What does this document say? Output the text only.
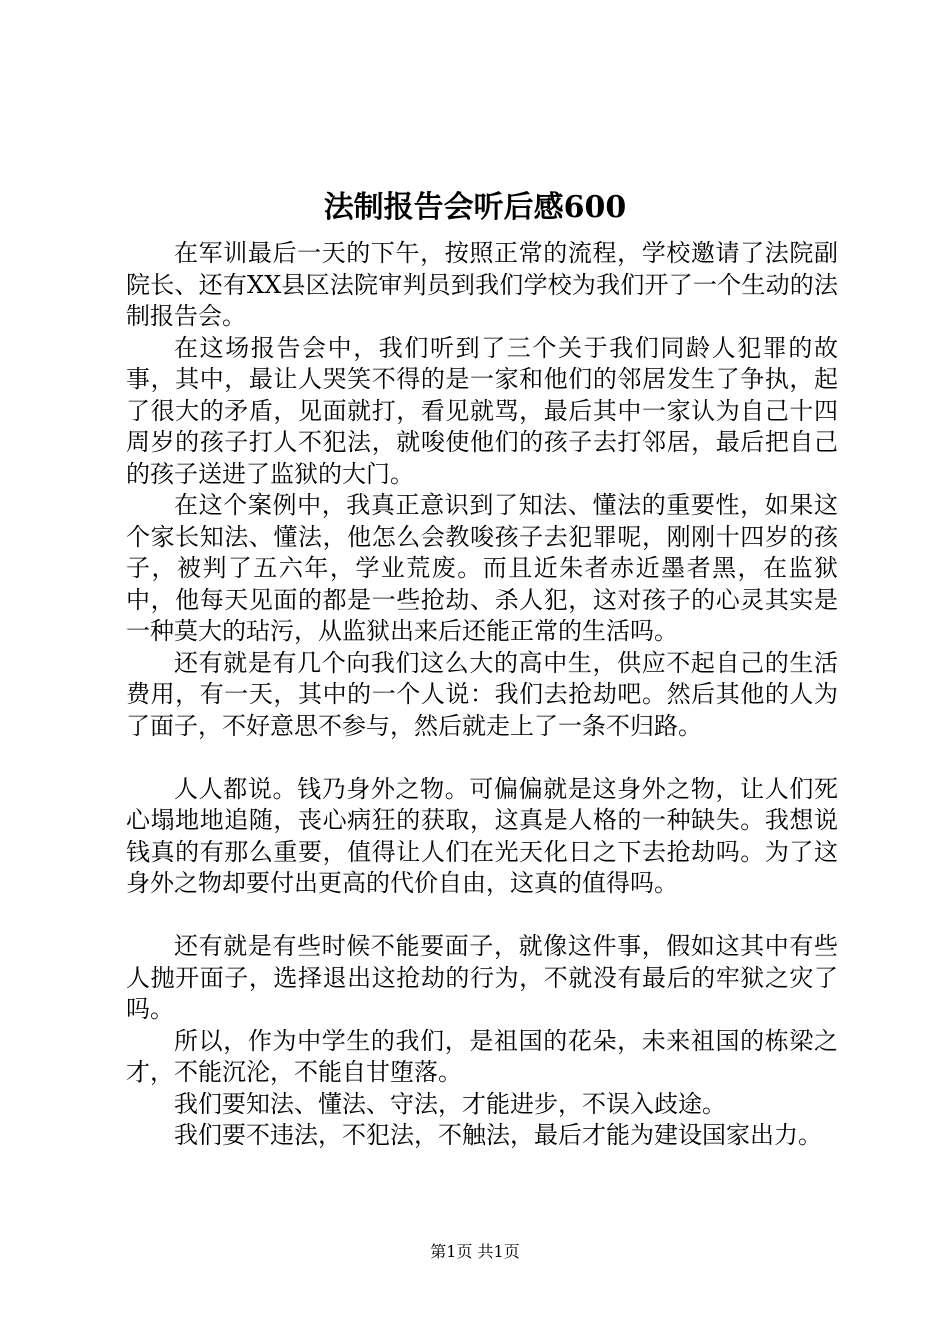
法制报告会听后感600

在军训最后一天的下午，按照正常的流程，学校邀请了法院副院长、还有XX县区法院审判员到我们学校为我们开了一个生动的法制报告会。

在这场报告会中，我们听到了三个关于我们同龄人犯罪的故事，其中，最让人哭笑不得的是一家和他们的邻居发生了争执，起了很大的矛盾，见面就打，看见就骂，最后其中一家认为自己十四周岁的孩子打人不犯法，就唆使他们的孩子去打邻居，最后把自己的孩子送进了监狱的大门。

在这个案例中，我真正意识到了知法、懂法的重要性，如果这个家长知法、懂法，他怎么会教唆孩子去犯罪呢，刚刚十四岁的孩子，被判了五六年，学业荒废。而且近朱者赤近墨者黑，在监狱中，他每天见面的都是一些抢劫、杀人犯，这对孩子的心灵其实是一种莫大的玷污，从监狱出来后还能正常的生活吗。

还有就是有几个向我们这么大的高中生，供应不起自己的生活费用，有一天，其中的一个人说：我们去抢劫吧。然后其他的人为了面子，不好意思不参与，然后就走上了一条不归路。

人人都说。钱乃身外之物。可偏偏就是这身外之物，让人们死心塌地地追随，丧心病狂的获取，这真是人格的一种缺失。我想说钱真的有那么重要，值得让人们在光天化日之下去抢劫吗。为了这身外之物却要付出更高的代价自由，这真的值得吗。

还有就是有些时候不能要面子，就像这件事，假如这其中有些人抛开面子，选择退出这抢劫的行为，不就没有最后的牢狱之灾了吗。

所以，作为中学生的我们，是祖国的花朵，未来祖国的栋梁之才，不能沉沦，不能自甘堕落。

我们要知法、懂法、守法，才能进步，不误入歧途。

我们要不违法，不犯法，不触法，最后才能为建设国家出力。

第1页 共1页
